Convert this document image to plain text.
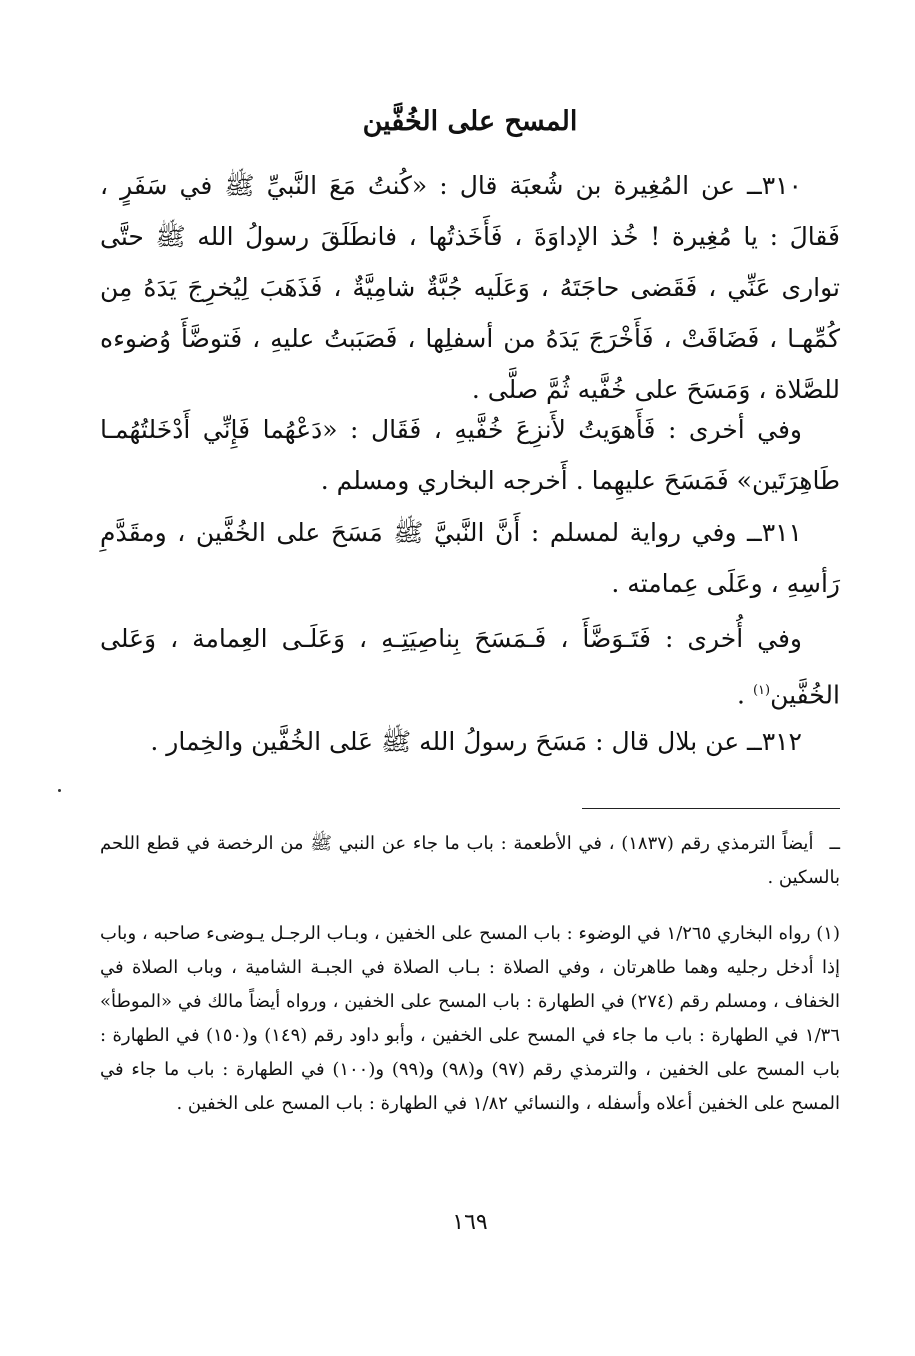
المسح على الخُفَّين

٣١٠ــ عن المُغِيرة بن شُعبَة قال : «كُنتُ مَعَ النَّبيِّ ﷺ في سَفَرٍ ، فَقالَ : يا مُغِيرة ! خُذ الإداوَةَ ، فَأَخَذتُها ، فانطَلَقَ رسولُ الله ﷺ حتَّى توارى عَنِّي ، فَقَضى حاجَتَهُ ، وَعَلَيه جُبَّةٌ شامِيَّةٌ ، فَذَهَبَ لِيُخرِجَ يَدَهُ مِن كُمِّهـا ، فَضَاقَتْ ، فَأَخْرَجَ يَدَهُ من أسفلِها ، فَصَبَبتُ عليهِ ، فَتوضَّأَ وُضوءه للصَّلاة ، وَمَسَحَ على خُفَّيه ثُمَّ صلَّى .

وفي أخرى : فَأَهوَيتُ لأَنزِعَ خُفَّيهِ ، فَقَال : «دَعْهُما فَإِنِّي أَدْخَلتُهُمـا طَاهِرَتَين» فَمَسَحَ عليهِما . أَخرجه البخاري ومسلم .

٣١١ــ وفي رواية لمسلم : أَنَّ النَّبيَّ ﷺ مَسَحَ على الخُفَّين ، ومقَدَّمِ رَأسِهِ ، وعَلَى عِمامته .

وفي أُخرى : فَتَـوَضَّأَ ، فَـمَسَحَ بِناصِيَتِـهِ ، وَعَلَـى العِمامة ، وَعَلى الخُفَّين$^{(١)}$ .

٣١٢ــ عن بلال قال : مَسَحَ رسولُ الله ﷺ عَلى الخُفَّين والخِمار .

ــأيضاً الترمذي رقم (١٨٣٧) ، في الأطعمة : باب ما جاء عن النبي ﷺ من الرخصة في قطع اللحم بالسكين .

(١) رواه البخاري ١/٢٦٥ في الوضوء : باب المسح على الخفين ، وبـاب الرجـل يـوضىء صاحبه ، وباب إذا أدخل رجليه وهما طاهرتان ، وفي الصلاة : بـاب الصلاة في الجبـة الشامية ، وباب الصلاة في الخفاف ، ومسلم رقم (٢٧٤) في الطهارة : باب المسح على الخفين ، ورواه أيضاً مالك في «الموطأ» ١/٣٦ في الطهارة : باب ما جاء في المسح على الخفين ، وأبو داود رقم (١٤٩) و(١٥٠) في الطهارة : باب المسح على الخفين ، والترمذي رقم (٩٧) و(٩٨) و(٩٩) و(١٠٠) في الطهارة : باب ما جاء في المسح على الخفين أعلاه وأسفله ، والنسائي ١/٨٢ في الطهارة : باب المسح على الخفين .

١٦٩
